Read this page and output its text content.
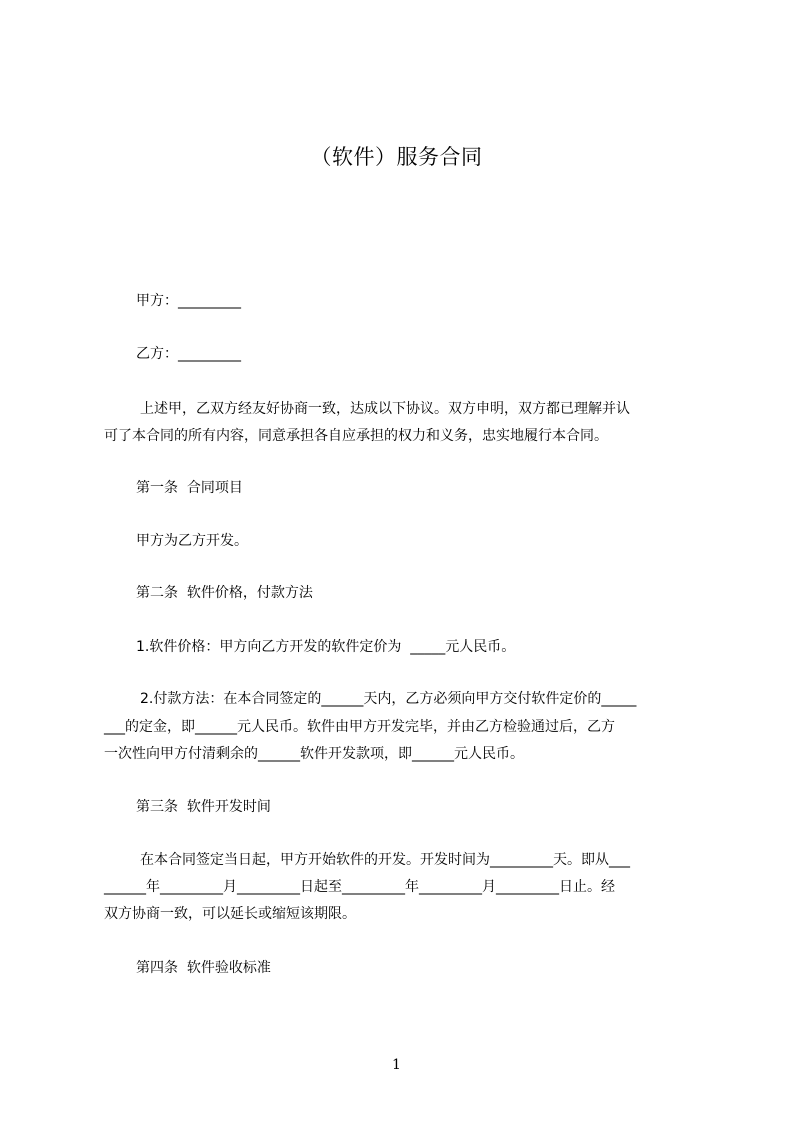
（软件）服务合同
甲方：_________
乙方：_________
上述甲，乙双方经友好协商一致，达成以下协议。双方申明，双方都已理解并认
可了本合同的所有内容，同意承担各自应承担的权力和义务，忠实地履行本合同。
第一条  合同项目
甲方为乙方开发。
第二条  软件价格，付款方法
1.软件价格：甲方向乙方开发的软件定价为  _____元人民币。
2.付款方法：在本合同签定的______天内，乙方必须向甲方交付软件定价的_____
___的定金，即______元人民币。软件由甲方开发完毕，并由乙方检验通过后，乙方
一次性向甲方付清剩余的______软件开发款项，即______元人民币。
第三条  软件开发时间
在本合同签定当日起，甲方开始软件的开发。开发时间为_________天。即从___
______年_________月_________日起至_________年_________月_________日止。经
双方协商一致，可以延长或缩短该期限。
第四条  软件验收标准
1
